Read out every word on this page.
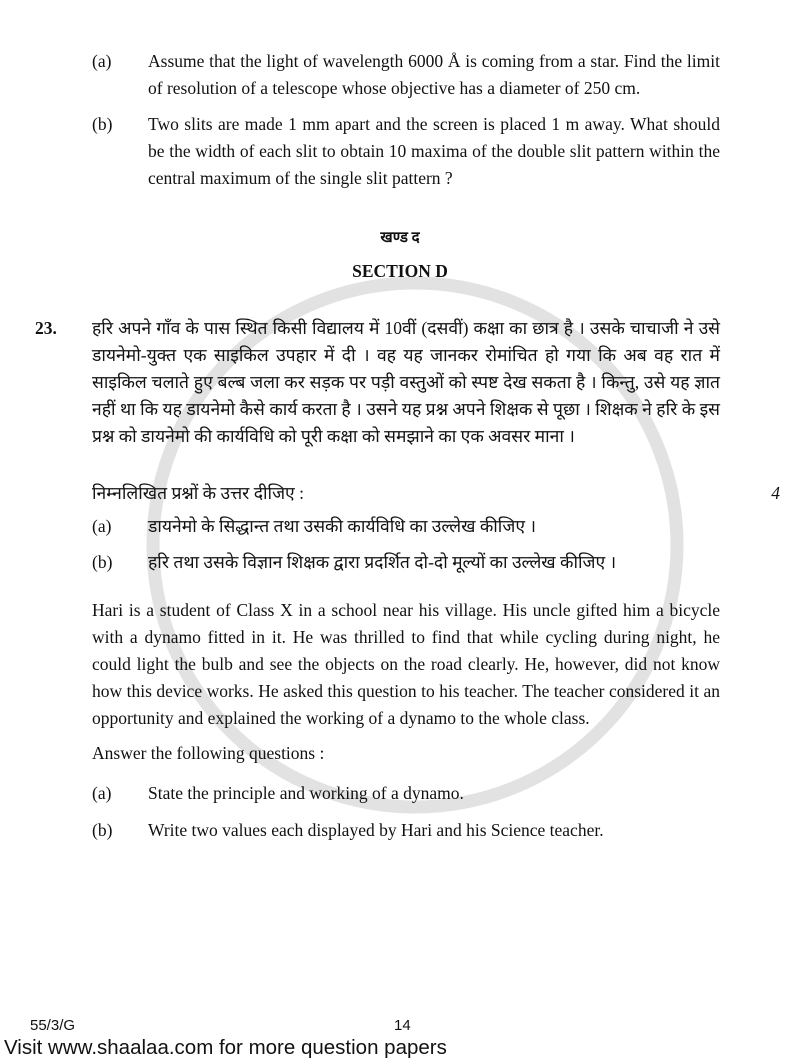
(a)	Assume that the light of wavelength 6000 Å is coming from a star. Find the limit of resolution of a telescope whose objective has a diameter of 250 cm.
(b)	Two slits are made 1 mm apart and the screen is placed 1 m away. What should be the width of each slit to obtain 10 maxima of the double slit pattern within the central maximum of the single slit pattern ?
खण्ड द
SECTION D
23.	हरि अपने गाँव के पास स्थित किसी विद्यालय में 10वीं (दसवीं) कक्षा का छात्र है । उसके चाचाजी ने उसे डायनेमो-युक्त एक साइकिल उपहार में दी । वह यह जानकर रोमांचित हो गया कि अब वह रात में साइकिल चलाते हुए बल्ब जला कर सड़क पर पड़ी वस्तुओं को स्पष्ट देख सकता है । किन्तु, उसे यह ज्ञात नहीं था कि यह डायनेमो कैसे कार्य करता है । उसने यह प्रश्न अपने शिक्षक से पूछा । शिक्षक ने हरि के इस प्रश्न को डायनेमो की कार्यविधि को पूरी कक्षा को समझाने का एक अवसर माना ।
निम्नलिखित प्रश्नों के उत्तर दीजिए :	4
(a)	डायनेमो के सिद्धान्त तथा उसकी कार्यविधि का उल्लेख कीजिए ।
(b)	हरि तथा उसके विज्ञान शिक्षक द्वारा प्रदर्शित दो-दो मूल्यों का उल्लेख कीजिए ।
Hari is a student of Class X in a school near his village. His uncle gifted him a bicycle with a dynamo fitted in it. He was thrilled to find that while cycling during night, he could light the bulb and see the objects on the road clearly. He, however, did not know how this device works. He asked this question to his teacher. The teacher considered it an opportunity and explained the working of a dynamo to the whole class.
Answer the following questions :
(a)	State the principle and working of a dynamo.
(b)	Write two values each displayed by Hari and his Science teacher.
55/3/G	14
Visit www.shaalaa.com for more question papers
